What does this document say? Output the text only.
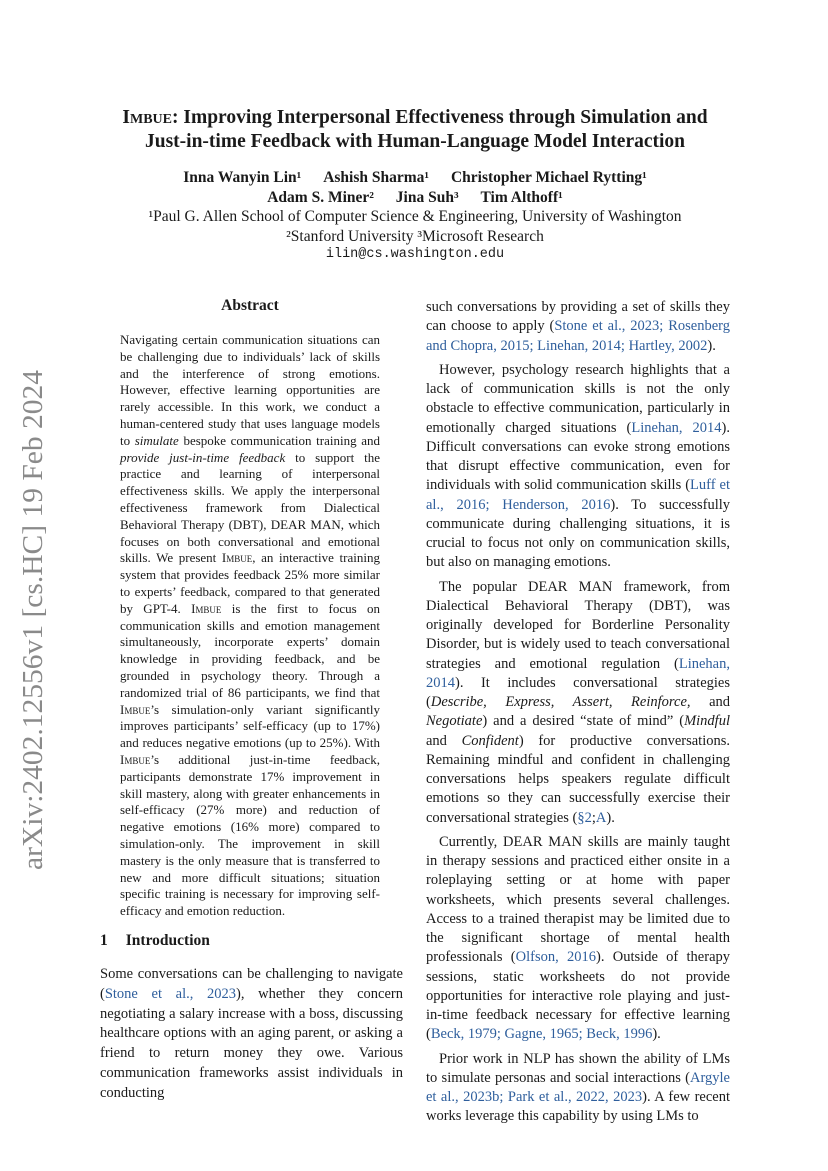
arXiv:2402.12556v1 [cs.HC] 19 Feb 2024
Imbue: Improving Interpersonal Effectiveness through Simulation and
Just-in-time Feedback with Human-Language Model Interaction
Inna Wanyin Lin¹ Ashish Sharma¹ Christopher Michael Rytting¹
Adam S. Miner² Jina Suh³ Tim Althoff¹
¹Paul G. Allen School of Computer Science & Engineering, University of Washington
²Stanford University ³Microsoft Research
ilin@cs.washington.edu
Abstract
Navigating certain communication situations can be challenging due to individuals’ lack of skills and the interference of strong emotions. However, effective learning opportunities are rarely accessible. In this work, we conduct a human-centered study that uses language models to simulate bespoke communication training and provide just-in-time feedback to support the practice and learning of interpersonal effectiveness skills. We apply the interpersonal effectiveness framework from Dialectical Behavioral Therapy (DBT), DEAR MAN, which focuses on both conversational and emotional skills. We present Imbue, an interactive training system that provides feedback 25% more similar to experts’ feedback, compared to that generated by GPT-4. Imbue is the first to focus on communication skills and emotion management simultaneously, incorporate experts’ domain knowledge in providing feedback, and be grounded in psychology theory. Through a randomized trial of 86 participants, we find that Imbue’s simulation-only variant significantly improves participants’ self-efficacy (up to 17%) and reduces negative emotions (up to 25%). With Imbue’s additional just-in-time feedback, participants demonstrate 17% improvement in skill mastery, along with greater enhancements in self-efficacy (27% more) and reduction of negative emotions (16% more) compared to simulation-only. The improvement in skill mastery is the only measure that is transferred to new and more difficult situations; situation specific training is necessary for improving self-efficacy and emotion reduction.
1 Introduction
Some conversations can be challenging to navigate (Stone et al., 2023), whether they concern negotiating a salary increase with a boss, discussing healthcare options with an aging parent, or asking a friend to return money they owe. Various communication frameworks assist individuals in conducting

such conversations by providing a set of skills they can choose to apply (Stone et al., 2023; Rosenberg and Chopra, 2015; Linehan, 2014; Hartley, 2002).

However, psychology research highlights that a lack of communication skills is not the only obstacle to effective communication, particularly in emotionally charged situations (Linehan, 2014). Difficult conversations can evoke strong emotions that disrupt effective communication, even for individuals with solid communication skills (Luff et al., 2016; Henderson, 2016). To successfully communicate during challenging situations, it is crucial to focus not only on communication skills, but also on managing emotions.

The popular DEAR MAN framework, from Dialectical Behavioral Therapy (DBT), was originally developed for Borderline Personality Disorder, but is widely used to teach conversational strategies and emotional regulation (Linehan, 2014). It includes conversational strategies (Describe, Express, Assert, Reinforce, and Negotiate) and a desired “state of mind” (Mindful and Confident) for productive conversations. Remaining mindful and confident in challenging conversations helps speakers regulate difficult emotions so they can successfully exercise their conversational strategies (§2;A).

Currently, DEAR MAN skills are mainly taught in therapy sessions and practiced either onsite in a roleplaying setting or at home with paper worksheets, which presents several challenges. Access to a trained therapist may be limited due to the significant shortage of mental health professionals (Olfson, 2016). Outside of therapy sessions, static worksheets do not provide opportunities for interactive role playing and just-in-time feedback necessary for effective learning (Beck, 1979; Gagne, 1965; Beck, 1996).

Prior work in NLP has shown the ability of LMs to simulate personas and social interactions (Argyle et al., 2023b; Park et al., 2022, 2023). A few recent works leverage this capability by using LMs to
